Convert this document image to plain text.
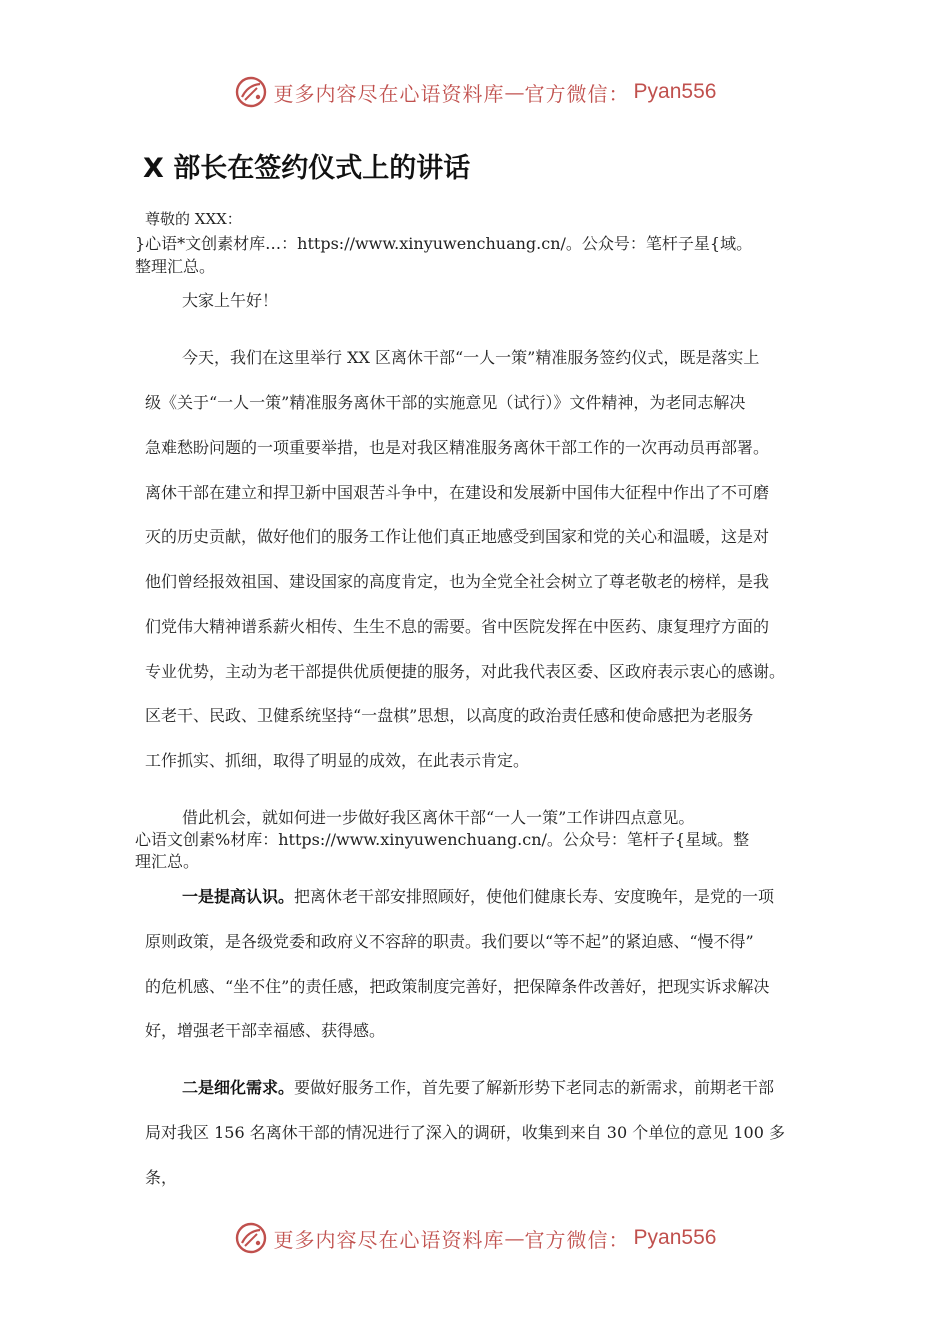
更多内容尽在心语资料库 — 官方微信： Pyan556
X 部长在签约仪式上的讲话
尊敬的 XXX：
}心语*文创素材库…：https://www.xinyuwenchuang.cn/。公众号：笔杆子星{域。
整理汇总。
大家上午好！
今天，我们在这里举行 XX 区离休干部“一人一策”精准服务签约仪式，既是落实上
级《关于“一人一策”精准服务离休干部的实施意见（试行）》文件精神，为老同志解决
急难愁盼问题的一项重要举措，也是对我区精准服务离休干部工作的一次再动员再部署。
离休干部在建立和捍卫新中国艰苦斗争中，在建设和发展新中国伟大征程中作出了不可磨
灭的历史贡献，做好他们的服务工作让他们真正地感受到国家和党的关心和温暖，这是对
他们曾经报效祖国、建设国家的高度肯定，也为全党全社会树立了尊老敬老的榜样，是我
们党伟大精神谱系薪火相传、生生不息的需要。省中医院发挥在中医药、康复理疗方面的
专业优势，主动为老干部提供优质便捷的服务，对此我代表区委、区政府表示衷心的感谢。
区老干、民政、卫健系统坚持“一盘棋”思想，以高度的政治责任感和使命感把为老服务
工作抓实、抓细，取得了明显的成效，在此表示肯定。
借此机会，就如何进一步做好我区离休干部“一人一策”工作讲四点意见。
心语文创素%材库：https://www.xinyuwenchuang.cn/。公众号：笔杆子{星域。整
理汇总。
一是提高认识。把离休老干部安排照顾好，使他们健康长寿、安度晚年，是党的一项
原则政策，是各级党委和政府义不容辞的职责。我们要以“等不起”的紧迫感、“慢不得”
的危机感、“坐不住”的责任感，把政策制度完善好，把保障条件改善好，把现实诉求解决
好，增强老干部幸福感、获得感。
二是细化需求。要做好服务工作，首先要了解新形势下老同志的新需求，前期老干部
局对我区 156 名离休干部的情况进行了深入的调研，收集到来自 30 个单位的意见 100 多
条，
更多内容尽在心语资料库 — 官方微信： Pyan556
